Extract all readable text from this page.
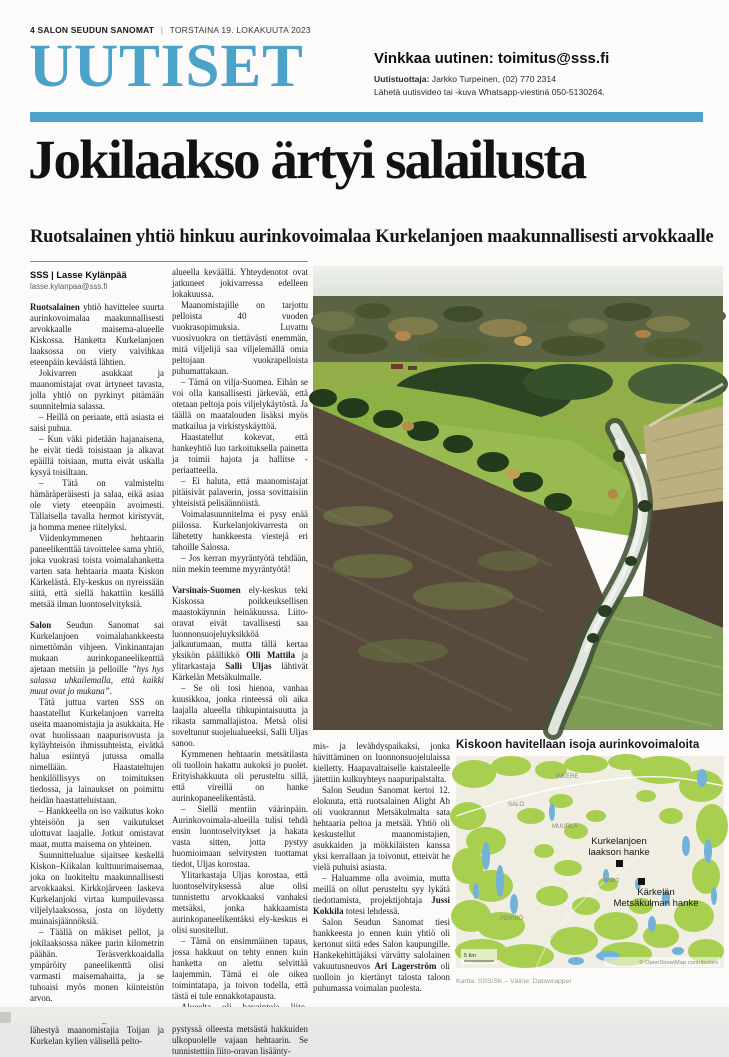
4 SALON SEUDUN SANOMAT | TORSTAINA 19. LOKAKUUTA 2023
UUTISET	Vinkkaa uutinen: toimitus@sss.fi
Uutistuottaja: Jarkko Turpeinen, (02) 770 2314
Lähetä uutisvideo tai -kuva Whatsapp-viestinä 050-5130264.
Jokilaakso ärtyi salailusta
Ruotsalainen yhtiö hinkuu aurinkovoimalaa Kurkelanjoen maakunnallisesti arvokkaalle
SSS | Lasse Kylänpää
lasse.kylanpaa@sss.fi

Ruotsalainen yhtiö havittelee suurta aurinkovoimalaa maakunnallisesti arvokkaalle maisema-alueelle Kiskossa. Hanketta Kurkelanjoen laaksossa on viety vaivihkaa eteenpäin keväästä lähtien.

Jokivarren asukkaat ja maanomistajat ovat ärtyneet tavasta, jolla yhtiö on pyrkinyt pitämään suunnitelmia salassa.

– Heillä on periaate, että asiasta ei saisi puhua.

– Kun väki pidetään hajanaisena, he eivät tiedä toisistaan ja alkavat epäillä toisiaan, mutta eivät uskalla kysyä toisiltaan.

– Tätä on valmisteltu hämäräperäisesti ja salaa, eikä asiaa ole viety eteenpäin avoimesti. Tällaisella tavalla hermot kiristyvät, ja homma menee riitelyksi.

Viidenkymmenen hehtaarin paneelikenttää tavoittelee sama yhtiö, joka vuokrasi toista voimalahanketta varten sata hehtaaria maata Kiskon Kärkelästä. Ely-keskus on nyreissään siitä, että siellä hakattiin kesällä metsää ilman luontoselvityksiä.

Salon Seudun Sanomat sai Kurkelanjoen voimalahankkeesta nimettömän vihjeen. Vinkinantajan mukaan aurinkopaneelikenttiä ajetaan metsiin ja pelloille ”hys hys salassa uhkailemalla, että kaikki muut ovat jo mukana”.

Tätä juttua varten SSS on haastatellut Kurkelanjoen varrelta useita maanomistajia ja asukkaita. He ovat huolissaan naapurisovusta ja kyläyhteisön ihmissuhteista, eivätkä halua esiintyä jutussa omalla nimellään. Haastateltujen henkilöllisyys on toimituksen tiedossa, ja lainaukset on poimittu heidän haastatteluistaan.

– Hankkeella on iso vaikutus koko yhteisöön ja sen vaikutukset ulottuvat laajalle. Jotkut omistavat maat, mutta maisema on yhteinen.

Suunnittelualue sijaitsee keskellä Kiskon–Kiikalan kulttuurimaisemaa, joka on luokiteltu maakunnallisesti arvokkaaksi. Kirkkojärveen laskeva Kurkelanjoki virtaa kumpuilevassa viljelylaaksossa, josta on löydetty muinaisjäännöksiä.

– Täällä on mäkiset pellot, ja jokilaaksossa näkee parin kilometrin päähän. Teräsverkkoaidalla ympäröity paneelikenttä olisi varmasti maisemahaitta, ja se tuhoaisi myös monen kiinteistön arvon.

lähestyä maanomistajia Toijan ja Kurkelan kylien välisellä pelto-

alueella keväällä. Yhteydenotot ovat jatkuneet jokivarressa edelleen lokakuussa.

Maanomistajille on tarjottu pelloista 40 vuoden vuokrasopimuksia. Luvattu vuosivuokra on tiettävästi enemmän, mitä viljelijä saa viljelemällä omia peltojaan vuokrapelloista puhumattakaan.

– Tämä on vilja-Suomea. Eihän se voi olla kansallisesti järkevää, että otetaan peltoja pois viljelykäytöstä. Ja täällä on maatalouden lisäksi myös matkailua ja virkistyskäyttöä.

Haastatellut kokevat, että hankeyhtiö luo tarkoituksella painetta ja toimii hajota ja hallitse -periaatteella.

– Ei haluta, että maanomistajat pitäisivät palaverin, jossa sovittaisiin yhteisistä pelisäännöistä.

Voimalasuunnitelma ei pysy enää piilossa. Kurkelanjokivarresta on lähetetty hankkeesta viestejä eri tahoille Salossa.

– Jos kerran myyräntyötä tehdään, niin mekin teemme myyräntyötä!

Varsinais-Suomen ely-keskus teki Kiskossa poikkeuksellisen maastokäynnin heinäkuussa. Liito-oravat eivät tavallisesti saa luonnonsuojeluyksikköä jalkautumaan, mutta tällä kertaa yksikön päällikkö Olli Mattila ja ylitarkastaja Salli Uljas lähtivät Kärkelän Metsäkulmalle.

– Se oli tosi hienoa, vanhaa kuusikkoa, jonka rinteessä oli aika laajalla alueella tihkupintaisuutta ja rikasta sammallajistoa. Metsä olisi soveltunut suojelualueeksi, Salli Uljas sanoo.

Kymmenen hehtaarin metsätilasta oli tuolloin hakattu aukoksi jo puolet. Erityishakkuuta oli perusteltu sillä, että vireillä on hanke aurinkopaneelikentästä.

– Siellä mentiin väärinpäin. Aurinkovoimala-alueilla tulisi tehdä ensin luontoselvitykset ja hakata vasta sitten, jotta pystyy huomioimaan selvitysten tuottamat tiedot, Uljas korostaa.

Ylitarkastaja Uljas korostaa, että luontoselvityksessä alue olisi tunnistettu arvokkaaksi vanhaksi metsäksi, jonka hakkaamista aurinkopaneelikentäksi ely-keskus ei olisi suositellut.

– Tämä on ensimmäinen tapaus, jossa hakkuut on tehty ennen kuin hanketta on alettu selvittää laajemmin. Tämä ei ole oikea toimintatapa, ja toivon todella, että tästä ei tule ennakkotapausta.

pystyssä olleesta metsästä hakkuiden ulkopuolelle vajaan hehtaarin. Se tunnistettiin liito-oravan lisäänty-

mis- ja levähdyspaikaksi, jonka hävittäminen on luonnonsuojelulaissa kielletty. Haapavaltaiselle kaistaleelle jätettiin kulkuyhteys naapuripalstalta.

Salon Seudun Sanomat kertoi 12. elokuuta, että ruotsalainen Alight Ab oli vuokrannut Metsäkulmalta sata hehtaaria peltoa ja metsää. Yhtiö oli keskustellut maanomistajien, asukkaiden ja mökkiläisten kanssa yksi kerrallaan ja toivonut, etteivät he vielä puhuisi asiasta.

– Haluamme olla avoimia, mutta meillä on ollut perusteltu syy lykätä tiedottamista, projektijohtaja Jussi Kokkila totesi lehdessä.

Salon Seudun Sanomat tiesi hankkeesta jo ennen kuin yhtiö oli kertonut siitä edes Salon kaupungille. Hankekehittäjäksi värvätty salolainen vakuutusneuvos Ari Lagerström oli tuolloin jo kiertänyt talosta taloon puhumassa voimalan puolesta.

Kiskoon havitellaan isoja aurinkovoimaloita
INKERE
SALO
MUURLA
PERNIÖ
KISKO
Kurkelanjoen
laakson hanke
Kärkelän
Metsäkulman hanke
5 km
© OpenStreetMap contributors
Kartta: SSS/SK – Väline: Datawrapper
